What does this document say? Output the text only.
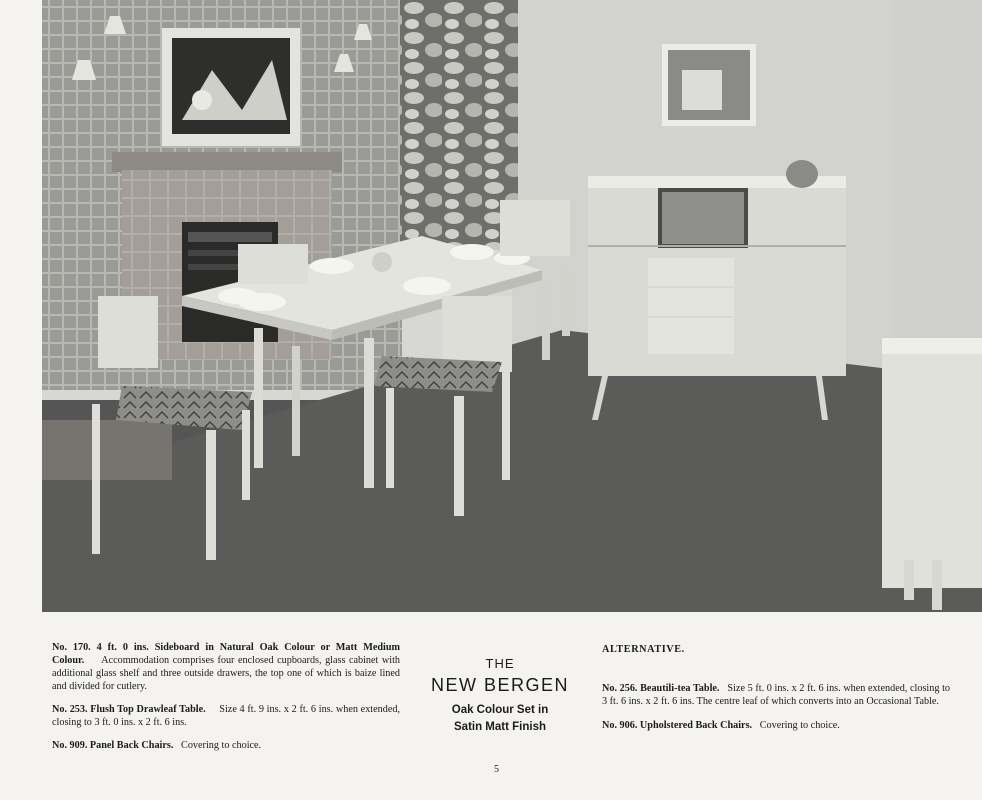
No. 170. 4 ft. 0 ins. Sideboard in Natural Oak Colour or Matt Medium Colour. Accommodation comprises four enclosed cupboards, glass cabinet with additional glass shelf and three outside drawers, the top one of which is baize lined and divided for cutlery.

No. 253. Flush Top Drawleaf Table. Size 4 ft. 9 ins. x 2 ft. 6 ins. when extended, closing to 3 ft. 0 ins. x 2 ft. 6 ins.

No. 909. Panel Back Chairs. Covering to choice.

THE
NEW BERGEN
Oak Colour Set in
Satin Matt Finish

ALTERNATIVE.

No. 256. Beautili-tea Table. Size 5 ft. 0 ins. x 2 ft. 6 ins. when extended, closing to 3 ft. 6 ins. x 2 ft. 6 ins. The centre leaf of which converts into an Occasional Table.

No. 906. Upholstered Back Chairs. Covering to choice.

5
